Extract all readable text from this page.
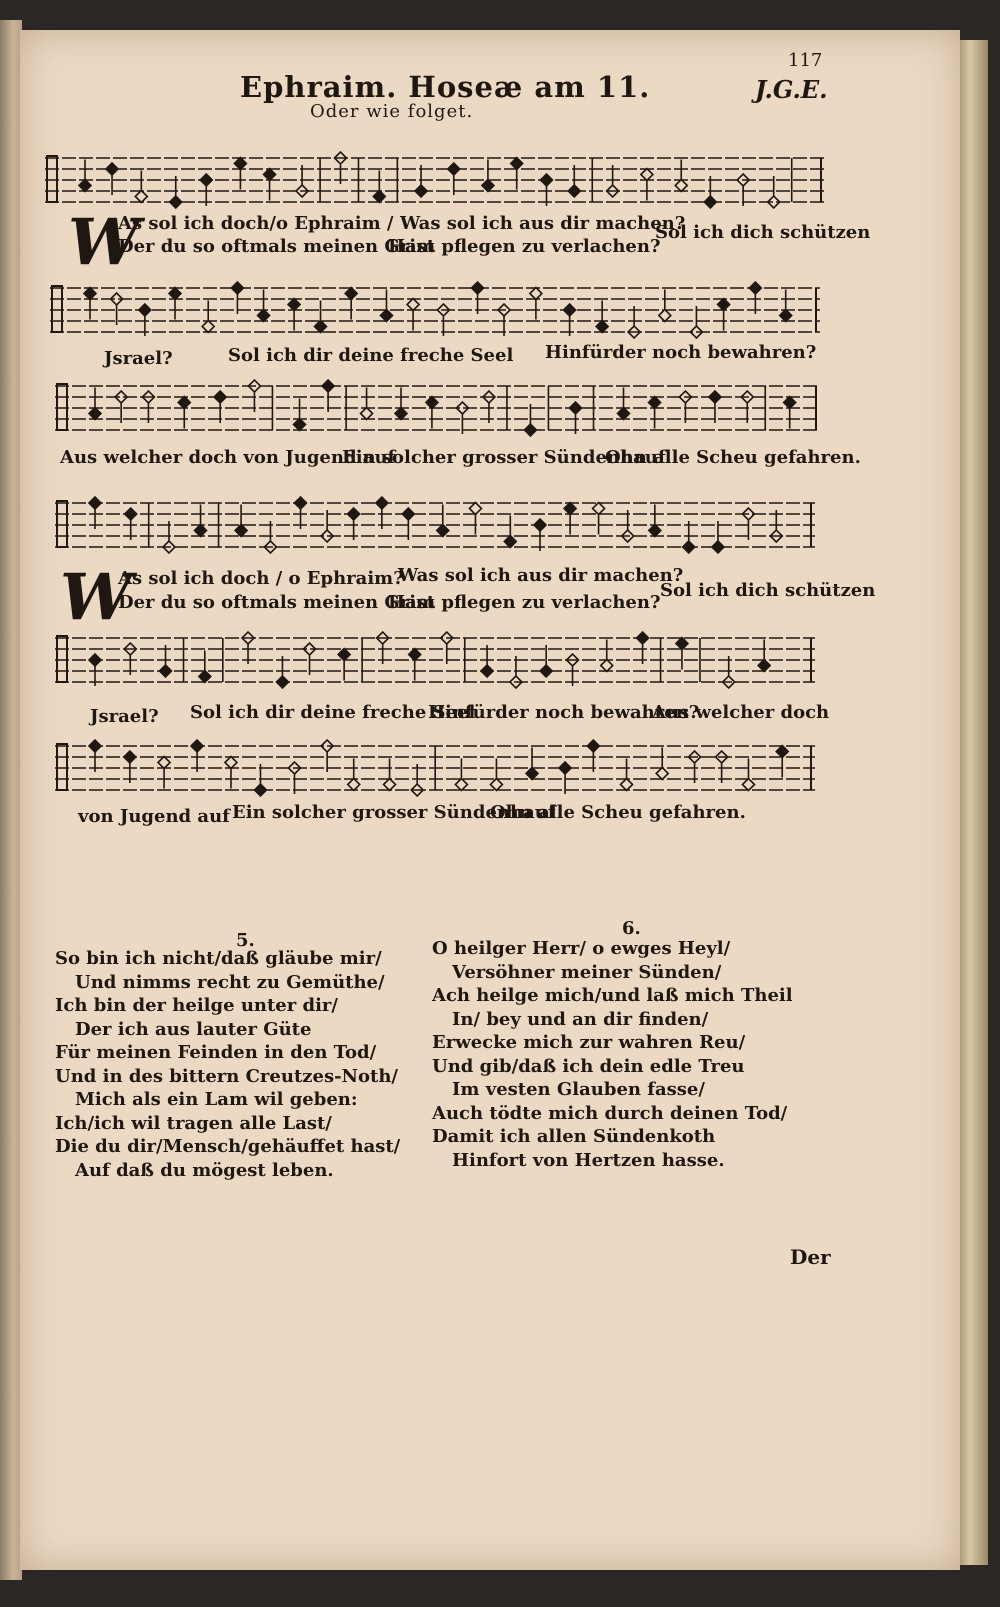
117
Ephraim. Hoseæ am 11.	J.G.E.
Oder wie folget.
W
As sol ich doch/o Ephraim / Was sol ich aus dir machen?
Sol ich dich schützen
Der du so oftmals meinen Grim
Hast pflegen zu verlachen?
Jsrael?	Sol ich dir deine freche Seel Hinfürder noch bewahren?
Aus welcher doch von Jugend auf
Ein solcher grosser Sündenhauf
Ohn alle Scheu gefahren.
W
As sol ich doch / o Ephraim?
Was sol ich aus dir machen?
Sol ich dich schützen
Der du so oftmals meinen Grim
Hast pflegen zu verlachen?
Jsrael? Sol ich dir deine freche Seel
Hinfürder noch bewahren?
Aus welcher doch
von Jugend auf Ein solcher grosser Sündenhauf
Ohn alle Scheu gefahren.
5.
So bin ich nicht/daß gläube mir/
Und nimms recht zu Gemüthe/
Ich bin der heilge unter dir/
Der ich aus lauter Güte
Für meinen Feinden in den Tod/
Und in des bittern Creutzes-Noth/
Mich als ein Lam wil geben:
Ich/ich wil tragen alle Last/
Die du dir/Mensch/gehäuffet hast/
Auf daß du mögest leben.
6.
O heilger Herr/ o ewges Heyl/
Versöhner meiner Sünden/
Ach heilge mich/und laß mich Theil
In/ bey und an dir finden/
Erwecke mich zur wahren Reu/
Und gib/daß ich dein edle Treu
Im vesten Glauben fasse/
Auch tödte mich durch deinen Tod/
Damit ich allen Sündenkoth
Hinfort von Hertzen hasse.
Der
